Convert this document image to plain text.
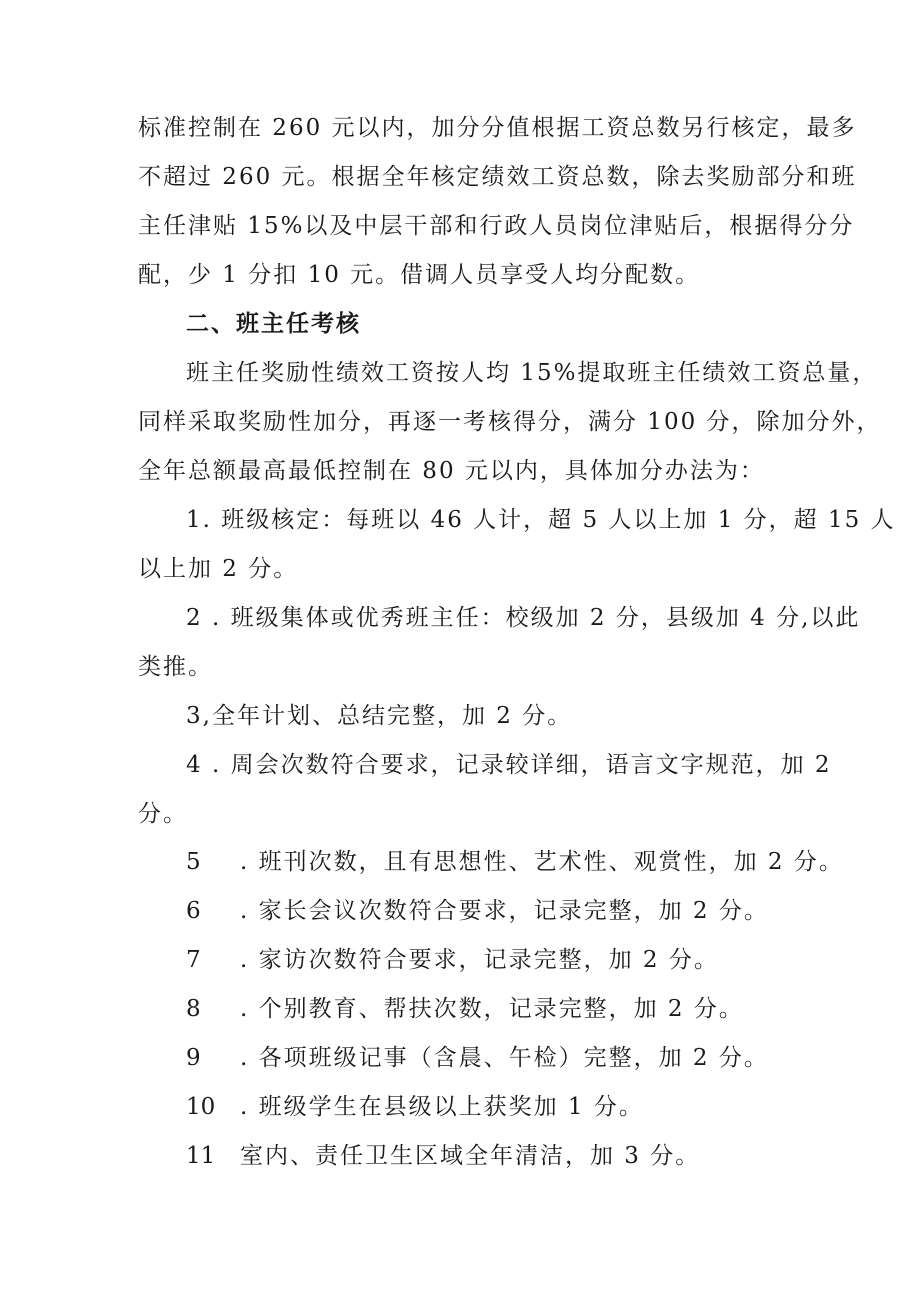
标准控制在 260 元以内，加分分值根据工资总数另行核定，最多
不超过 260 元。根据全年核定绩效工资总数，除去奖励部分和班
主任津贴 15%以及中层干部和行政人员岗位津贴后，根据得分分
配，少 1 分扣 10 元。借调人员享受人均分配数。
二、班主任考核
班主任奖励性绩效工资按人均 15%提取班主任绩效工资总量，
同样采取奖励性加分，再逐一考核得分，满分 100 分，除加分外，
全年总额最高最低控制在 80 元以内，具体加分办法为：
1. 班级核定：每班以 46 人计，超 5 人以上加 1 分，超 15 人
以上加 2 分。
2 . 班级集体或优秀班主任：校级加 2 分，县级加 4 分,以此
类推。
3,全年计划、总结完整，加 2 分。
4 . 周会次数符合要求，记录较详细，语言文字规范，加 2
分。
5 . 班刊次数，且有思想性、艺术性、观赏性，加 2 分。
6 . 家长会议次数符合要求，记录完整，加 2 分。
7 . 家访次数符合要求，记录完整，加 2 分。
8 . 个别教育、帮扶次数，记录完整，加 2 分。
9 . 各项班级记事（含晨、午检）完整，加 2 分。
10 . 班级学生在县级以上获奖加 1 分。
11 室内、责任卫生区域全年清洁，加 3 分。
